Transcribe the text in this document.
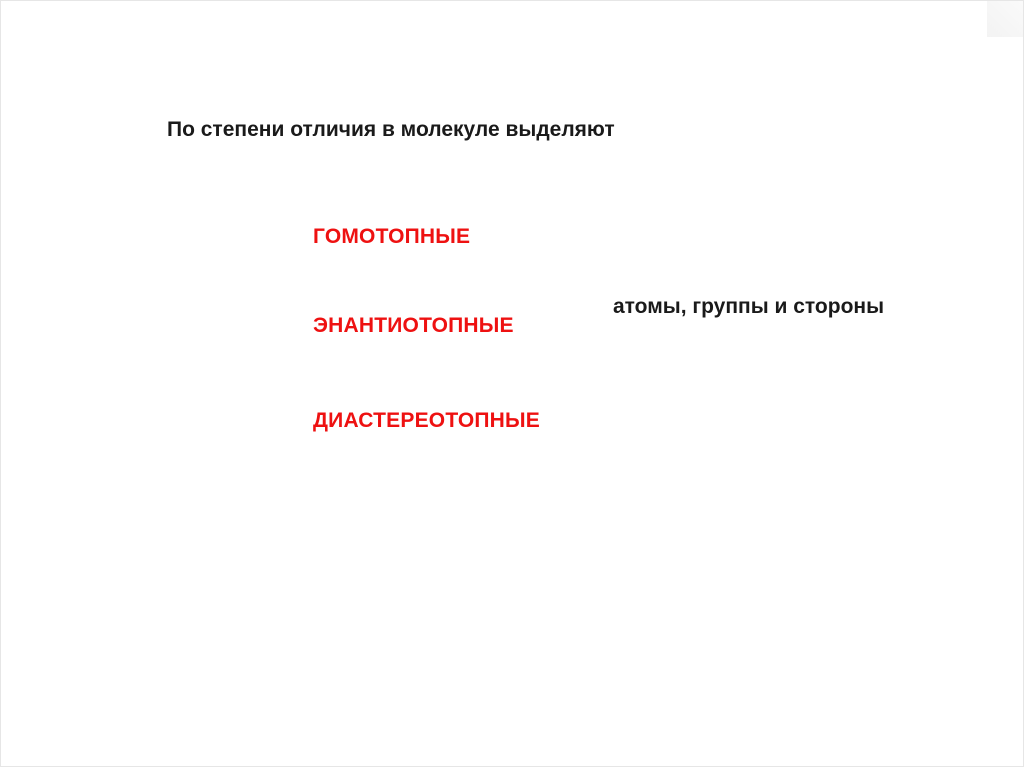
По степени отличия в молекуле выделяют
ГОМОТОПНЫЕ
ЭНАНТИОТОПНЫЕ
ДИАСТЕРЕОТОПНЫЕ
атомы, группы и стороны
